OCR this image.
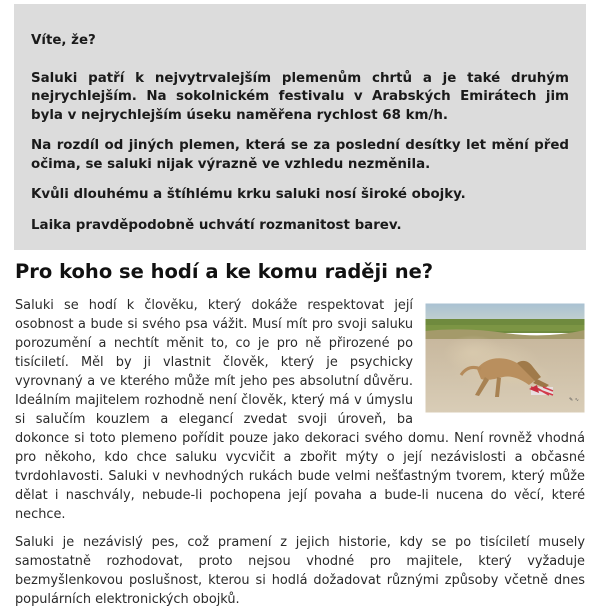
Víte, že?

Saluki patří k nejvytrvalejším plemenům chrtů a je také druhým nejrychlejším. Na sokolnickém festivalu v Arabských Emirátech jim byla v nejrychlejším úseku naměřena rychlost 68 km/h.

Na rozdíl od jiných plemen, která se za poslední desítky let mění před očima, se saluki nijak výrazně ve vzhledu nezměnila.

Kvůli dlouhému a štíhlému krku saluki nosí široké obojky.

Laika pravděpodobně uchvátí rozmanitost barev.

Pro koho se hodí a ke komu raději ne?
✎ ∿

Saluki se hodí k člověku, který dokáže respektovat její osobnost a bude si svého psa vážit. Musí mít pro svoji saluku porozumění a nechtít měnit to, co je pro ně přirozené po tisíciletí. Měl by ji vlastnit člověk, který je psychicky vyrovnaný a ve kterého může mít jeho pes absolutní důvěru. Ideálním majitelem rozhodně není člověk, který má v úmyslu si salučím kouzlem a elegancí zvedat svoji úroveň, ba dokonce si toto plemeno pořídit pouze jako dekoraci svého domu. Není rovněž vhodná pro někoho, kdo chce saluku vycvičit a zbořit mýty o její nezávislosti a občasné tvrdohlavosti. Saluki v nevhodných rukách bude velmi nešťastným tvorem, který může dělat i naschvály, nebude-li pochopena její povaha a bude-li nucena do věcí, které nechce.

Saluki je nezávislý pes, což pramení z jejich historie, kdy se po tisíciletí musely samostatně rozhodovat, proto nejsou vhodné pro majitele, který vyžaduje bezmyšlenkovou poslušnost, kterou si hodlá dožadovat různými způsoby včetně dnes populárních elektronických obojků.
